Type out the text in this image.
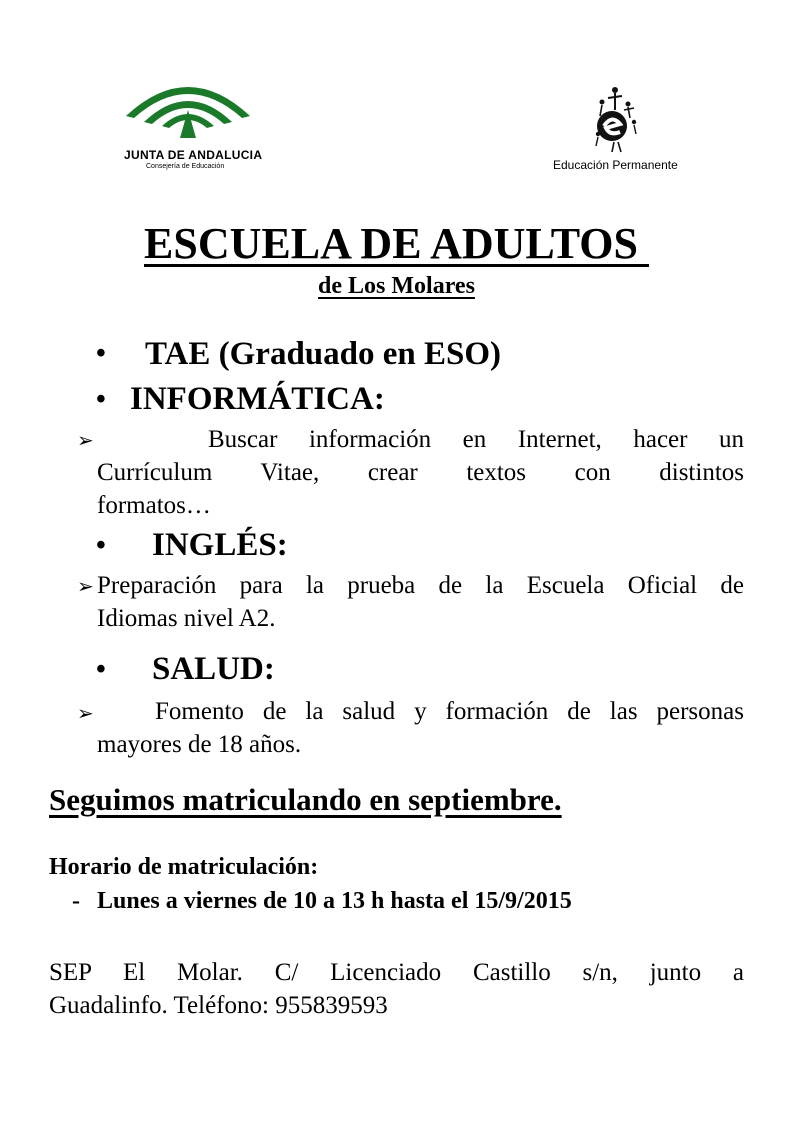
JUNTA DE ANDALUCIA
Consejería de Educación	Educación Permanente
ESCUELA DE ADULTOS
de Los Molares
• TAE (Graduado en ESO)
• INFORMÁTICA:
➢	Buscar información en Internet, hacer un
Currículum Vitae, crear textos con distintos
formatos…
• INGLÉS:
➢ Preparación para la prueba de la Escuela Oficial de
Idiomas nivel A2.
• SALUD:
➢ Fomento de la salud y formación de las personas
mayores de 18 años.
Seguimos matriculando en septiembre.
Horario de matriculación:
- Lunes a viernes de 10 a 13 h hasta el 15/9/2015
SEP El Molar. C/ Licenciado Castillo s/n, junto a
Guadalinfo. Teléfono: 955839593
